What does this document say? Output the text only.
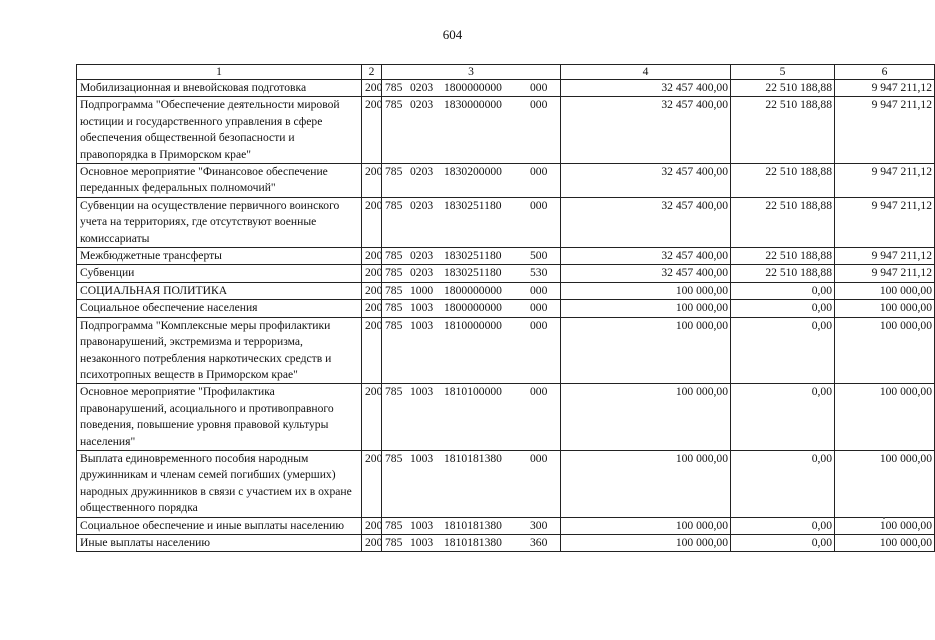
604
1	2	3	4	5	6
Мобилизационная и вневойсковая подготовка	200	785 0203 1800000000 000	32 457 400,00	22 510 188,88	9 947 211,12
Подпрограмма "Обеспечение деятельности мировой юстиции и государственного управления в сфере обеспечения общественной безопасности и правопорядка в Приморском крае"	200	785 0203 1830000000 000	32 457 400,00	22 510 188,88	9 947 211,12
Основное мероприятие "Финансовое обеспечение переданных федеральных полномочий"	200	785 0203 1830200000 000	32 457 400,00	22 510 188,88	9 947 211,12
Субвенции на осуществление первичного воинского учета на территориях, где отсутствуют военные комиссариаты	200	785 0203 1830251180 000	32 457 400,00	22 510 188,88	9 947 211,12
Межбюджетные трансферты	200	785 0203 1830251180 500	32 457 400,00	22 510 188,88	9 947 211,12
Субвенции	200	785 0203 1830251180 530	32 457 400,00	22 510 188,88	9 947 211,12
СОЦИАЛЬНАЯ ПОЛИТИКА	200	785 1000 1800000000 000	100 000,00	0,00	100 000,00
Социальное обеспечение населения	200	785 1003 1800000000 000	100 000,00	0,00	100 000,00
Подпрограмма "Комплексные меры профилактики правонарушений, экстремизма и терроризма, незаконного потребления наркотических средств и психотропных веществ в Приморском крае"	200	785 1003 1810000000 000	100 000,00	0,00	100 000,00
Основное мероприятие "Профилактика правонарушений, асоциального и противоправного поведения, повышение уровня правовой культуры населения"	200	785 1003 1810100000 000	100 000,00	0,00	100 000,00
Выплата единовременного пособия народным дружинникам и членам семей погибших (умерших) народных дружинников в связи с участием их в охране общественного порядка	200	785 1003 1810181380 000	100 000,00	0,00	100 000,00
Социальное обеспечение и иные выплаты населению	200	785 1003 1810181380 300	100 000,00	0,00	100 000,00
Иные выплаты населению	200	785 1003 1810181380 360	100 000,00	0,00	100 000,00
